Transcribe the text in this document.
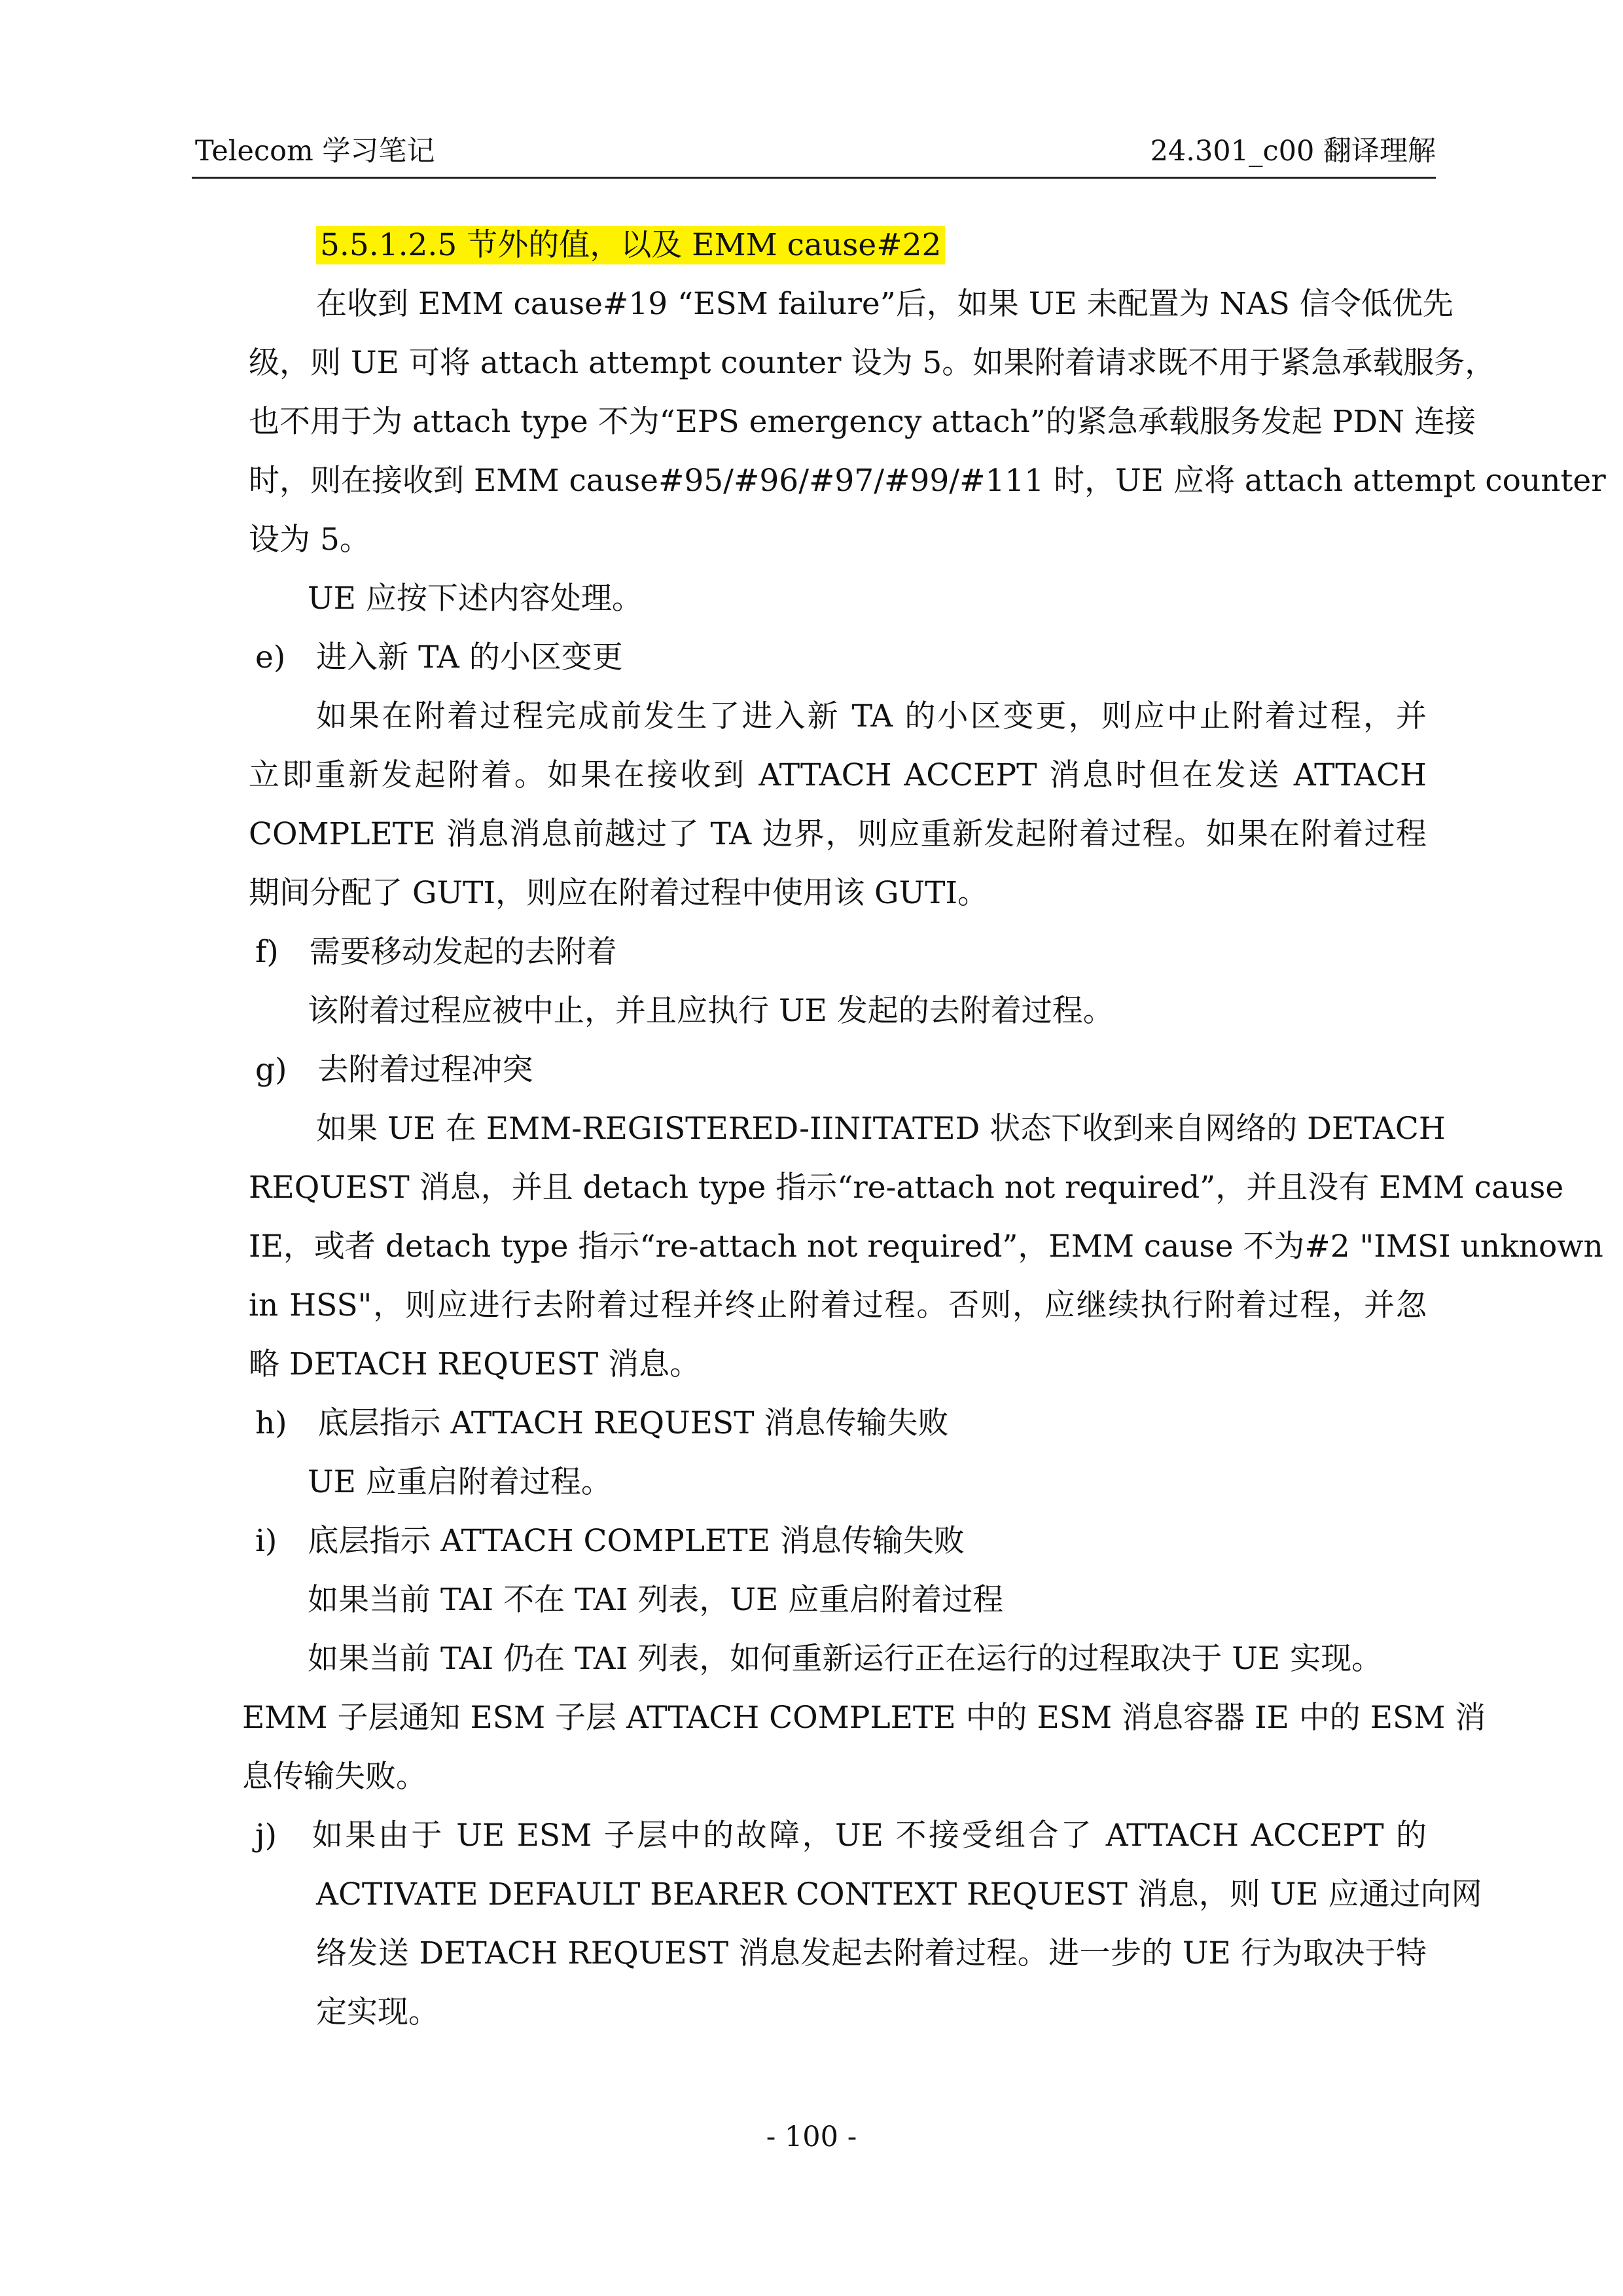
Telecom 学习笔记	24.301_c00 翻译理解
5.5.1.2.5 节外的值，以及 EMM cause#22
在收到 EMM cause#19 “ESM failure”后，如果 UE 未配置为 NAS 信令低优先
级，则 UE 可将 attach attempt counter 设为 5。如果附着请求既不用于紧急承载服务，
也不用于为 attach type 不为“EPS emergency attach”的紧急承载服务发起 PDN 连接
时，则在接收到 EMM cause#95/#96/#97/#99/#111 时，UE 应将 attach attempt counter
设为 5。
UE 应按下述内容处理。
e)　进入新 TA 的小区变更
如果在附着过程完成前发生了进入新 TA 的小区变更，则应中止附着过程，并
立即重新发起附着。如果在接收到 ATTACH ACCEPT 消息时但在发送 ATTACH
COMPLETE 消息消息前越过了 TA 边界，则应重新发起附着过程。如果在附着过程
期间分配了 GUTI，则应在附着过程中使用该 GUTI。
f)　需要移动发起的去附着
该附着过程应被中止，并且应执行 UE 发起的去附着过程。
g)　去附着过程冲突
如果 UE 在 EMM-REGISTERED-IINITATED 状态下收到来自网络的 DETACH
REQUEST 消息，并且 detach type 指示“re-attach not required”，并且没有 EMM cause
IE，或者 detach type 指示“re-attach not required”，EMM cause 不为#2 "IMSI unknown
in HSS"，则应进行去附着过程并终止附着过程。否则，应继续执行附着过程，并忽
略 DETACH REQUEST 消息。
h)　底层指示 ATTACH REQUEST 消息传输失败
UE 应重启附着过程。
i)　底层指示 ATTACH COMPLETE 消息传输失败
如果当前 TAI 不在 TAI 列表，UE 应重启附着过程
如果当前 TAI 仍在 TAI 列表，如何重新运行正在运行的过程取决于 UE 实现。
EMM 子层通知 ESM 子层 ATTACH COMPLETE 中的 ESM 消息容器 IE 中的 ESM 消
息传输失败。
j)　如果由于 UE ESM 子层中的故障，UE 不接受组合了 ATTACH ACCEPT 的
ACTIVATE DEFAULT BEARER CONTEXT REQUEST 消息，则 UE 应通过向网
络发送 DETACH REQUEST 消息发起去附着过程。进一步的 UE 行为取决于特
定实现。
- 100 -
